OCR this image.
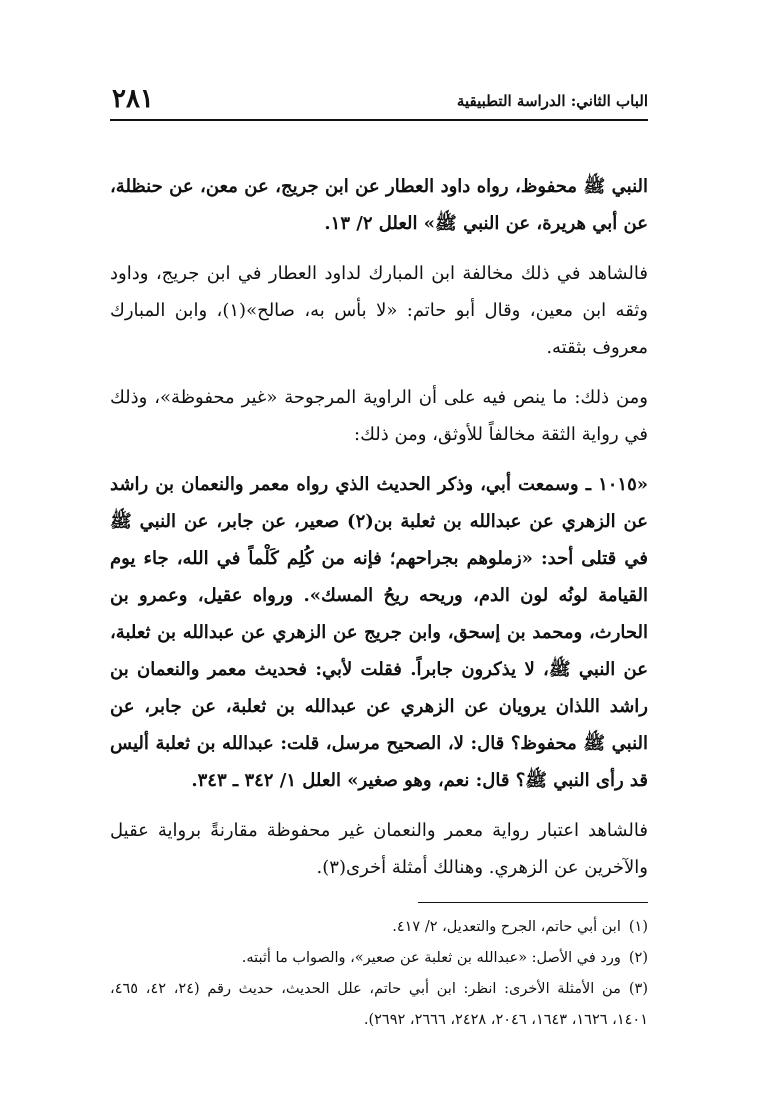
الباب الثاني: الدراسة التطبيقية
٢٨١

النبي ﷺ محفوظ، رواه داود العطار عن ابن جريج، عن معن، عن حنظلة، عن أبي هريرة، عن النبي ﷺ» العلل ٢/ ١٣.

فالشاهد في ذلك مخالفة ابن المبارك لداود العطار في ابن جريج، وداود وثقه ابن معين، وقال أبو حاتم: «لا بأس به، صالح»(١)، وابن المبارك معروف بثقته.

ومن ذلك: ما ينص فيه على أن الراوية المرجوحة «غير محفوظة»، وذلك في رواية الثقة مخالفاً للأوثق، ومن ذلك:

«١٠١٥ ـ وسمعت أبي، وذكر الحديث الذي رواه معمر والنعمان بن راشد عن الزهري عن عبدالله بن ثعلبة بن(٢) صعير، عن جابر، عن النبي ﷺ في قتلى أحد: «زملوهم بجراحهم؛ فإنه من كُلِم كَلْماً في الله، جاء يوم القيامة لونُه لون الدم، وريحه ريحُ المسك». ورواه عقيل، وعمرو بن الحارث، ومحمد بن إسحق، وابن جريج عن الزهري عن عبدالله بن ثعلبة، عن النبي ﷺ، لا يذكرون جابراً. فقلت لأبي: فحديث معمر والنعمان بن راشد اللذان يرويان عن الزهري عن عبدالله بن ثعلبة، عن جابر، عن النبي ﷺ محفوظ؟ قال: لا، الصحيح مرسل، قلت: عبدالله بن ثعلبة أليس قد رأى النبي ﷺ؟ قال: نعم، وهو صغير» العلل ١/ ٣٤٢ ـ ٣٤٣.

فالشاهد اعتبار رواية معمر والنعمان غير محفوظة مقارنةً برواية عقيل والآخرين عن الزهري. وهنالك أمثلة أخرى(٣).

(١)ابن أبي حاتم، الجرح والتعديل، ٢/ ٤١٧.

(٢)ورد في الأصل: «عبدالله بن ثعلبة عن صعير»، والصواب ما أثبته.

(٣)من الأمثلة الأخرى: انظر: ابن أبي حاتم، علل الحديث، حديث رقم (٢٤، ٤٢، ٤٦٥، ١٤٠١، ١٦٢٦، ١٦٤٣، ٢٠٤٦، ٢٤٢٨، ٢٦٦٦، ٢٦٩٢).
